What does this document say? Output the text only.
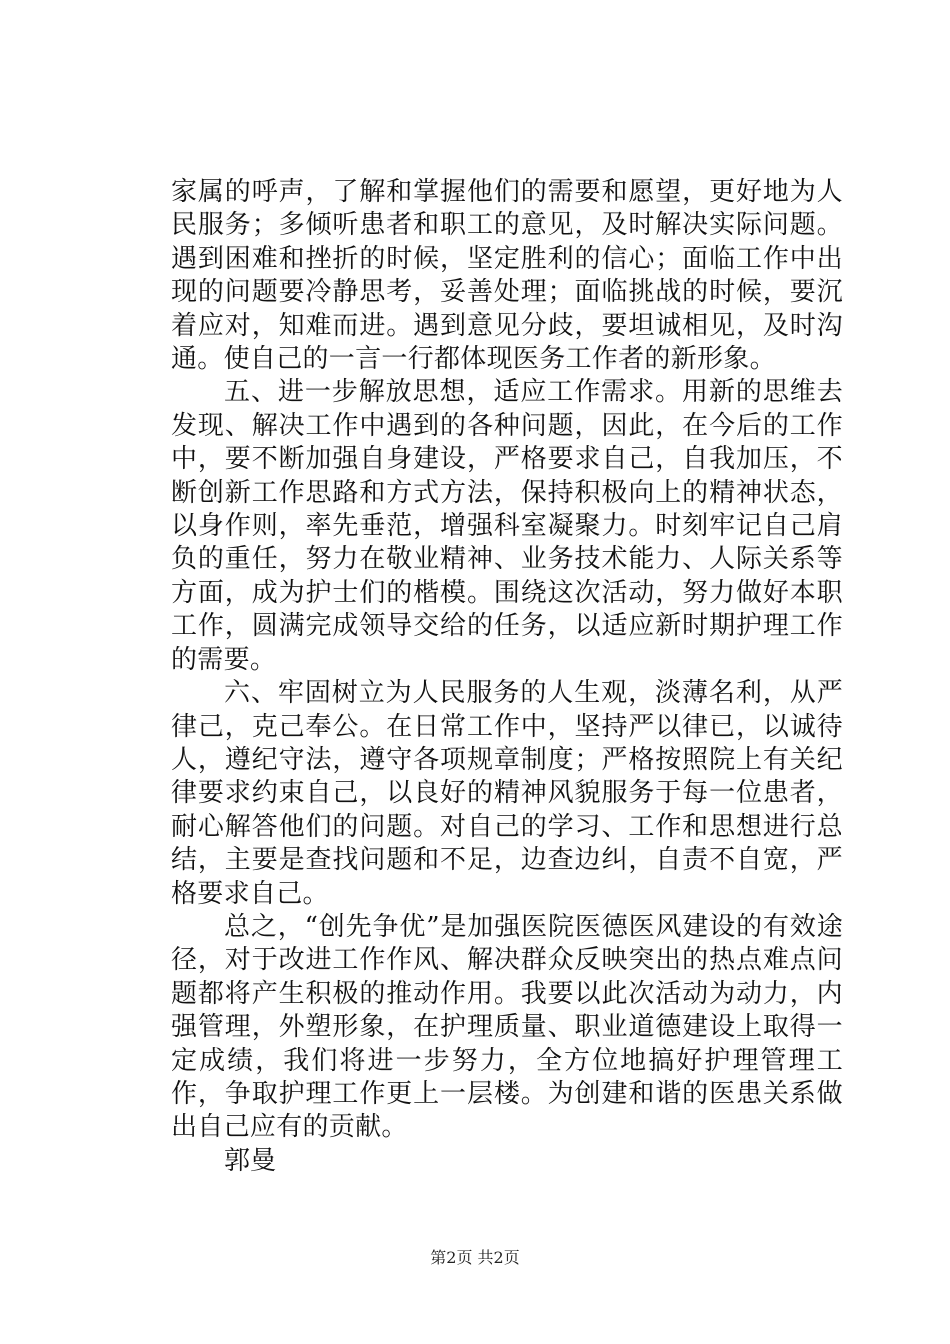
家属的呼声，了解和掌握他们的需要和愿望，更好地为人民服务；多倾听患者和职工的意见，及时解决实际问题。遇到困难和挫折的时候，坚定胜利的信心；面临工作中出现的问题要冷静思考，妥善处理；面临挑战的时候，要沉着应对，知难而进。遇到意见分歧，要坦诚相见，及时沟通。使自己的一言一行都体现医务工作者的新形象。

五、进一步解放思想，适应工作需求。用新的思维去发现、解决工作中遇到的各种问题，因此，在今后的工作中，要不断加强自身建设，严格要求自己，自我加压，不断创新工作思路和方式方法，保持积极向上的精神状态，以身作则，率先垂范，增强科室凝聚力。时刻牢记自己肩负的重任，努力在敬业精神、业务技术能力、人际关系等方面，成为护士们的楷模。围绕这次活动，努力做好本职工作，圆满完成领导交给的任务，以适应新时期护理工作的需要。

六、牢固树立为人民服务的人生观，淡薄名利，从严律己，克己奉公。在日常工作中，坚持严以律已，以诚待人，遵纪守法，遵守各项规章制度；严格按照院上有关纪律要求约束自己，以良好的精神风貌服务于每一位患者，耐心解答他们的问题。对自己的学习、工作和思想进行总结，主要是查找问题和不足，边查边纠，自责不自宽，严格要求自己。

总之，“创先争优”是加强医院医德医风建设的有效途径，对于改进工作作风、解决群众反映突出的热点难点问题都将产生积极的推动作用。我要以此次活动为动力，内强管理，外塑形象，在护理质量、职业道德建设上取得一定成绩，我们将进一步努力，全方位地搞好护理管理工作，争取护理工作更上一层楼。为创建和谐的医患关系做出自己应有的贡献。

郭曼

第2页 共2页
